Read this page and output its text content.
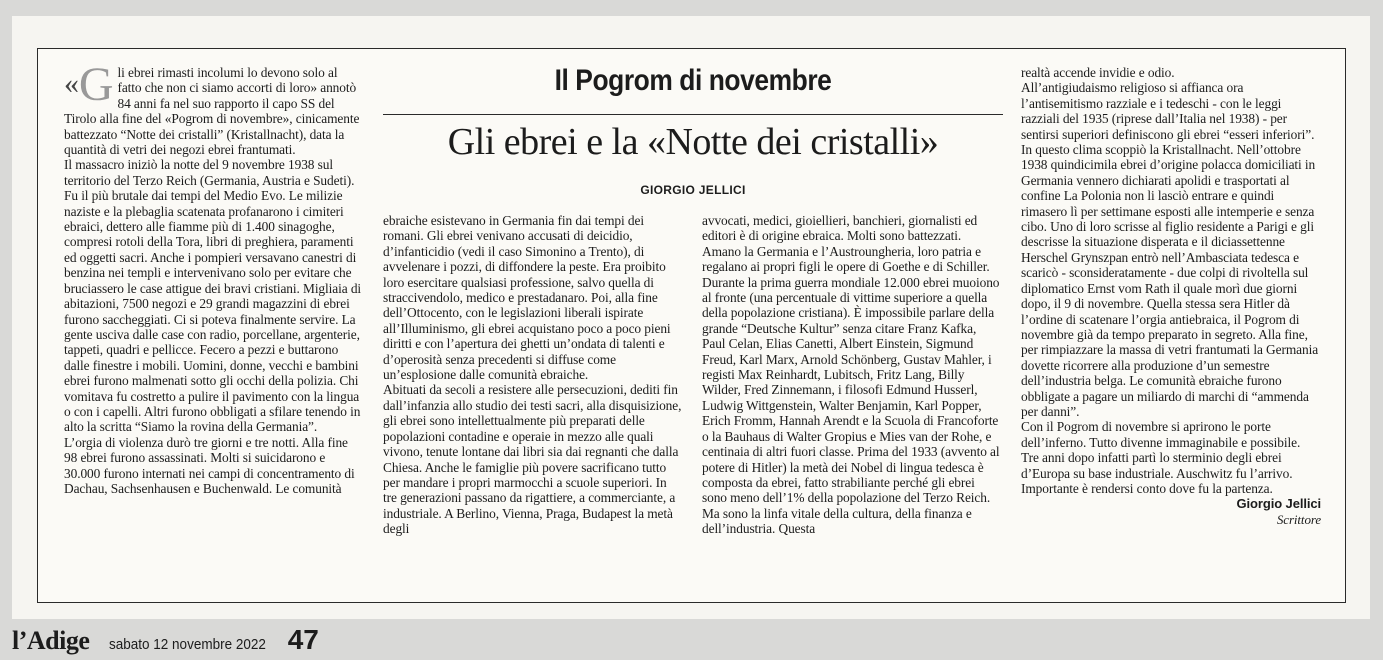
« G li ebrei rimasti incolumi lo devono solo al fatto che non ci siamo accorti di loro» annotò 84 anni fa nel suo rapporto il capo SS del Tirolo alla fine del «Pogrom di novembre», cinicamente battezzato “Notte dei cristalli” (Kristallnacht), data la quantità di vetri dei negozi ebrei frantumati.

Il massacro iniziò la notte del 9 novembre 1938 sul territorio del Terzo Reich (Germania, Austria e Sudeti). Fu il più brutale dai tempi del Medio Evo. Le milizie naziste e la plebaglia scatenata profanarono i cimiteri ebraici, dettero alle fiamme più di 1.400 sinagoghe, compresi rotoli della Tora, libri di preghiera, paramenti ed oggetti sacri. Anche i pompieri versavano canestri di benzina nei templi e intervenivano solo per evitare che bruciassero le case attigue dei bravi cristiani. Migliaia di abitazioni, 7500 negozi e 29 grandi magazzini di ebrei furono saccheggiati. Ci si poteva finalmente servire. La gente usciva dalle case con radio, porcellane, argenterie, tappeti, quadri e pellicce. Fecero a pezzi e buttarono dalle finestre i mobili. Uomini, donne, vecchi e bambini ebrei furono malmenati sotto gli occhi della polizia. Chi vomitava fu costretto a pulire il pavimento con la lingua o con i capelli. Altri furono obbligati a sfilare tenendo in alto la scritta “Siamo la rovina della Germania”.

L’orgia di violenza durò tre giorni e tre notti. Alla fine 98 ebrei furono assassinati. Molti si suicidarono e 30.000 furono internati nei campi di concentramento di Dachau, Sachsenhausen e Buchenwald. Le comunità

Il Pogrom di novembre
Gli ebrei e la «Notte dei cristalli»
GIORGIO JELLICI

ebraiche esistevano in Germania fin dai tempi dei romani. Gli ebrei venivano accusati di deicidio, d’infanticidio (vedi il caso Simonino a Trento), di avvelenare i pozzi, di diffondere la peste. Era proibito loro esercitare qualsiasi professione, salvo quella di straccivendolo, medico e prestadanaro. Poi, alla fine dell’Ottocento, con le legislazioni liberali ispirate all’Illuminismo, gli ebrei acquistano poco a poco pieni diritti e con l’apertura dei ghetti un’ondata di talenti e d’operosità senza precedenti si diffuse come un’esplosione dalle comunità ebraiche.

Abituati da secoli a resistere alle persecuzioni, dediti fin dall’infanzia allo studio dei testi sacri, alla disquisizione, gli ebrei sono intellettualmente più preparati delle popolazioni contadine e operaie in mezzo alle quali vivono, tenute lontane dai libri sia dai regnanti che dalla Chiesa. Anche le famiglie più povere sacrificano tutto per mandare i propri marmocchi a scuole superiori. In tre generazioni passano da rigattiere, a commerciante, a industriale. A Berlino, Vienna, Praga, Budapest la metà degli

avvocati, medici, gioiellieri, banchieri, giornalisti ed editori è di origine ebraica. Molti sono battezzati. Amano la Germania e l’Austroungheria, loro patria e regalano ai propri figli le opere di Goethe e di Schiller. Durante la prima guerra mondiale 12.000 ebrei muoiono al fronte (una percentuale di vittime superiore a quella della popolazione cristiana). È impossibile parlare della grande “Deutsche Kultur” senza citare Franz Kafka, Paul Celan, Elias Canetti, Albert Einstein, Sigmund Freud, Karl Marx, Arnold Schönberg, Gustav Mahler, i registi Max Reinhardt, Lubitsch, Fritz Lang, Billy Wilder, Fred Zinnemann, i filosofi Edmund Husserl, Ludwig Wittgenstein, Walter Benjamin, Karl Popper, Erich Fromm, Hannah Arendt e la Scuola di Francoforte o la Bauhaus di Walter Gropius e Mies van der Rohe, e centinaia di altri fuori classe. Prima del 1933 (avvento al potere di Hitler) la metà dei Nobel di lingua tedesca è composta da ebrei, fatto strabiliante perché gli ebrei sono meno dell’1% della popolazione del Terzo Reich. Ma sono la linfa vitale della cultura, della finanza e dell’industria. Questa

realtà accende invidie e odio.

All’antigiudaismo religioso si affianca ora l’antisemitismo razziale e i tedeschi - con le leggi razziali del 1935 (riprese dall’Italia nel 1938) - per sentirsi superiori definiscono gli ebrei “esseri inferiori”. In questo clima scoppiò la Kristallnacht. Nell’ottobre 1938 quindicimila ebrei d’origine polacca domiciliati in Germania vennero dichiarati apolidi e trasportati al confine La Polonia non li lasciò entrare e quindi rimasero lì per settimane esposti alle intemperie e senza cibo. Uno di loro scrisse al figlio residente a Parigi e gli descrisse la situazione disperata e il diciassettenne Herschel Grynszpan entrò nell’Ambasciata tedesca e scaricò - sconsideratamente - due colpi di rivoltella sul diplomatico Ernst vom Rath il quale morì due giorni dopo, il 9 di novembre. Quella stessa sera Hitler dà l’ordine di scatenare l’orgia antiebraica, il Pogrom di novembre già da tempo preparato in segreto. Alla fine, per rimpiazzare la massa di vetri frantumati la Germania dovette ricorrere alla produzione d’un semestre dell’industria belga. Le comunità ebraiche furono obbligate a pagare un miliardo di marchi di “ammenda per danni”.

Con il Pogrom di novembre si aprirono le porte dell’inferno. Tutto divenne immaginabile e possibile. Tre anni dopo infatti partì lo sterminio degli ebrei d’Europa su base industriale. Auschwitz fu l’arrivo. Importante è rendersi conto dove fu la partenza.

Giorgio Jellici
Scrittore
l’Adige sabato 12 novembre 2022 47
